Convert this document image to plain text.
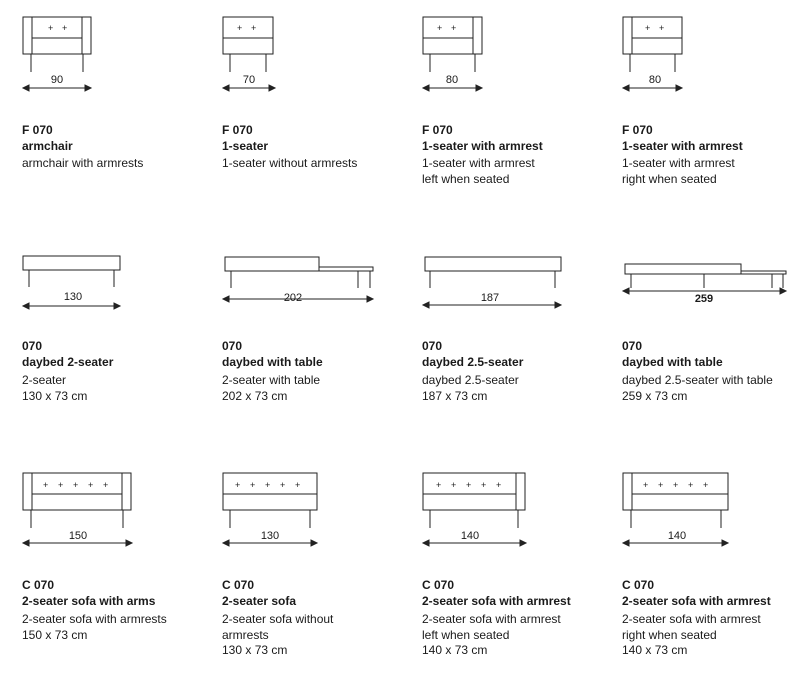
+ +
90
F 070
armchair
armchair with armrests
+ +
70
F 070
1-seater
1-seater without armrests
+ +
80
F 070
1-seater with armrest
1-seater with armrest
left when seated
+ +
80
F 070
1-seater with armrest
1-seater with armrest
right when seated
130
070
daybed 2-seater
2-seater
130 x 73 cm
202
070
daybed with table
2-seater with table
202 x 73 cm
187
070
daybed 2.5-seater
daybed 2.5-seater
187 x 73 cm
259
070
daybed with table
daybed 2.5-seater with table
259 x 73 cm
+ + + + +
150
C 070
2-seater sofa with arms
2-seater sofa with armrests
150 x 73 cm
+ + + + +
130
C 070
2-seater sofa
2-seater sofa without
armrests
130 x 73 cm
+ + + + +
140
C 070
2-seater sofa with armrest
2-seater sofa with armrest
left when seated
140 x 73 cm
+ + + + +
140
C 070
2-seater sofa with armrest
2-seater sofa with armrest
right when seated
140 x 73 cm
